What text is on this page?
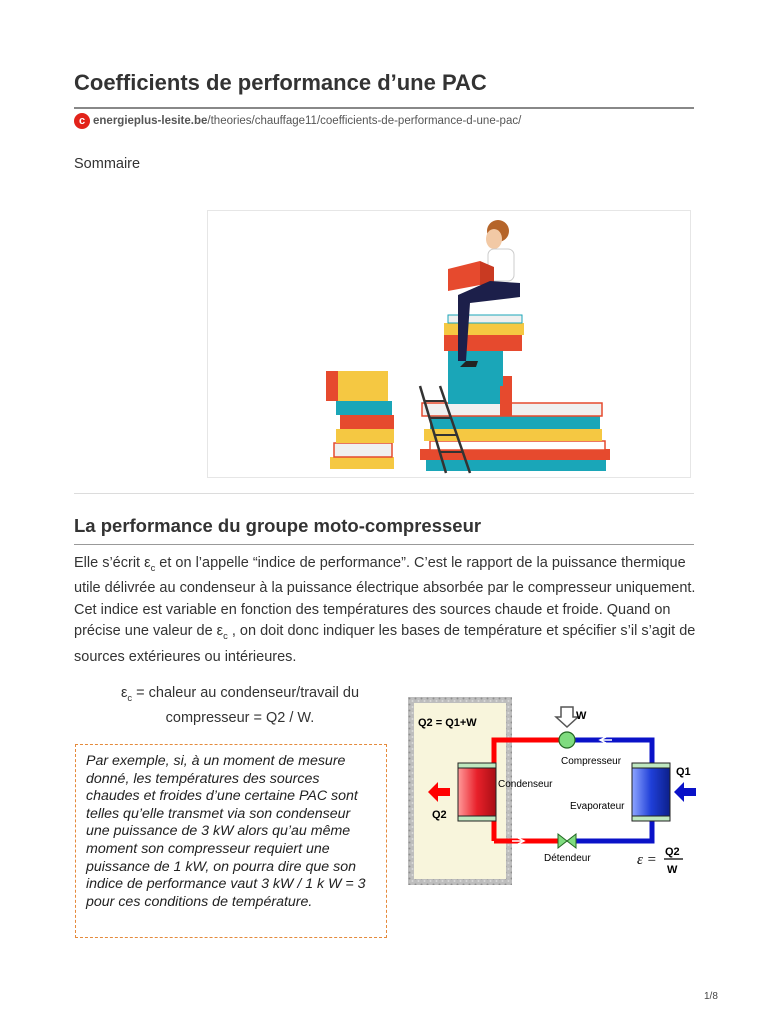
Coefficients de performance d’une PAC
c energieplus-lesite.be /theories/chauffage11/coefficients-de-performance-d-une-pac/
Sommaire
La performance du groupe moto-compresseur

Elle s’écrit $\varepsilon_c$ et on l’appelle “indice de performance”. C’est le rapport de la puissance thermique utile délivrée au condenseur à la puissance électrique absorbée par le compresseur uniquement. Cet indice est variable en fonction des températures des sources chaude et froide. Quand on précise une valeur de $\varepsilon_c$ , on doit donc indiquer les bases de température et spécifier s’il s’agit de sources extérieures ou intérieures.

$\varepsilon_c$ = chaleur au condenseur/travail du compresseur = Q2 / W.

Par exemple, si, à un moment de mesure donné, les températures des sources chaudes et froides d’une certaine PAC sont telles qu’elle transmet via son condenseur une puissance de 3 kW alors qu’au même moment son compresseur requiert une puissance de 1 kW, on pourra dire que son indice de performance vaut 3 kW / 1 k W = 3 pour ces conditions de température.

Q2 = Q1+W
W
Compresseur
Condenseur
Evaporateur
Détendeur
Q1
Q2
ε = Q2
W
1/8
